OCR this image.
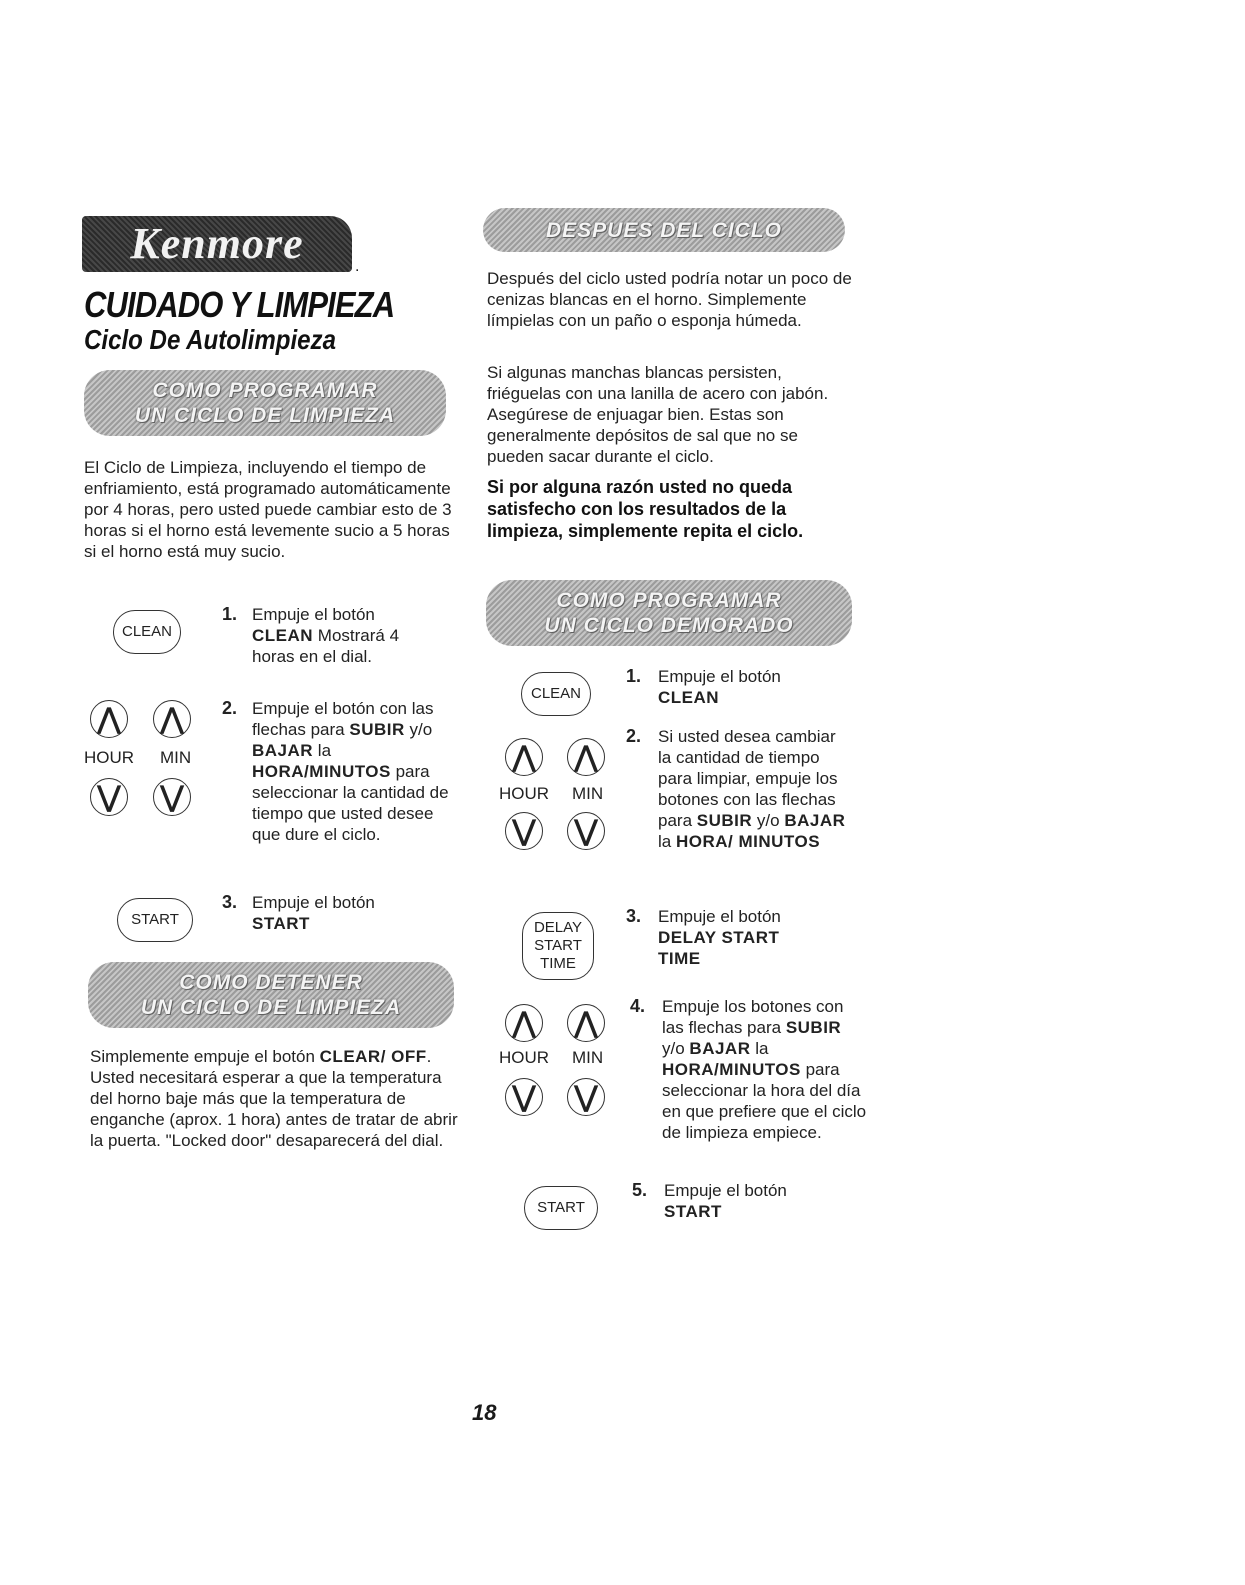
Kenmore	.
CUIDADO Y LIMPIEZA
Ciclo De Autolimpieza
COMO PROGRAMAR
UN CICLO DE LIMPIEZA
El Ciclo de Limpieza, incluyendo el tiempo de enfriamiento, está programado automáticamente por 4 horas, pero usted puede cambiar esto de 3 horas si el horno está levemente sucio a 5 horas si el horno está muy sucio.
CLEAN
1. Empuje el botón
CLEAN Mostrará 4 horas en el dial.
⋀ ⋀
HOUR MIN
⋁ ⋁
2. Empuje el botón con las flechas para SUBIR y/o BAJAR la HORA/MINUTOS para seleccionar la cantidad de tiempo que usted desee que dure el ciclo.
START
3. Empuje el botón
START
COMO DETENER
UN CICLO DE LIMPIEZA
Simplemente empuje el botón CLEAR/ OFF. Usted necesitará esperar a que la temperatura del horno baje más que la temperatura de enganche (aprox. 1 hora) antes de tratar de abrir la puerta. "Locked door" desaparecerá del dial.
DESPUES DEL CICLO
Después del ciclo usted podría notar un poco de cenizas blancas en el horno. Simplemente límpielas con un paño o esponja húmeda.
Si algunas manchas blancas persisten, friéguelas con una lanilla de acero con jabón. Asegúrese de enjuagar bien. Estas son generalmente depósitos de sal que no se pueden sacar durante el ciclo.
Si por alguna razón usted no queda satisfecho con los resultados de la limpieza, simplemente repita el ciclo.
COMO PROGRAMAR
UN CICLO DEMORADO
CLEAN
1. Empuje el botón
CLEAN
⋀ ⋀
HOUR MIN
⋁ ⋁
2. Si usted desea cambiar la cantidad de tiempo para limpiar, empuje los botones con las flechas para SUBIR y/o BAJAR la HORA/ MINUTOS
DELAY
START
TIME
3. Empuje el botón DELAY START TIME
⋀ ⋀
HOUR MIN
⋁ ⋁
4. Empuje los botones con las flechas para SUBIR y/o BAJAR la HORA/MINUTOS para seleccionar la hora del día en que prefiere que el ciclo de limpieza empiece.
START
5. Empuje el botón
START
18
